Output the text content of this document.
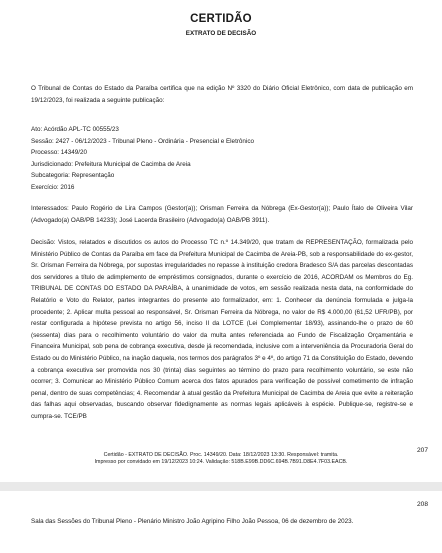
CERTIDÃO
EXTRATO DE DECISÃO

O Tribunal de Contas do Estado da Paraíba certifica que na edição Nº 3320 do Diário Oficial Eletrônico, com data de publicação em 19/12/2023, foi realizada a seguinte publicação:

Ato: Acórdão APL-TC 00555/23

Sessão: 2427 - 06/12/2023 - Tribunal Pleno - Ordinária - Presencial e Eletrônico

Processo: 14349/20

Jurisdicionado: Prefeitura Municipal de Cacimba de Areia

Subcategoria: Representação

Exercício: 2016

Interessados: Paulo Rogério de Lira Campos (Gestor(a)); Orisman Ferreira da Nóbrega (Ex-Gestor(a)); Paulo Ítalo de Oliveira Vilar (Advogado(a) OAB/PB 14233); José Lacerda Brasileiro (Advogado(a) OAB/PB 3911).

Decisão: Vistos, relatados e discutidos os autos do Processo TC n.º 14.349/20, que tratam de REPRESENTAÇÃO, formalizada pelo Ministério Público de Contas da Paraíba em face da Prefeitura Municipal de Cacimba de Areia-PB, sob a responsabilidade do ex-gestor, Sr. Orisman Ferreira da Nóbrega, por supostas irregularidades no repasse à instituição credora Bradesco S/A das parcelas descontadas dos servidores a título de adimplemento de empréstimos consignados, durante o exercício de 2016, ACORDAM os Membros do Eg. TRIBUNAL DE CONTAS DO ESTADO DA PARAÍBA, à unanimidade de votos, em sessão realizada nesta data, na conformidade do Relatório e Voto do Relator, partes integrantes do presente ato formalizador, em: 1. Conhecer da denúncia formulada e julga-la procedente; 2. Aplicar multa pessoal ao responsável, Sr. Orisman Ferreira da Nóbrega, no valor de R$ 4.000,00 (61,52 UFR/PB), por restar configurada a hipótese prevista no artigo 56, inciso II da LOTCE (Lei Complementar 18/93), assinando-lhe o prazo de 60 (sessenta) dias para o recolhimento voluntário do valor da multa antes referenciada ao Fundo de Fiscalização Orçamentária e Financeira Municipal, sob pena de cobrança executiva, desde já recomendada, inclusive com a interveniência da Procuradoria Geral do Estado ou do Ministério Público, na inação daquela, nos termos dos parágrafos 3º e 4º, do artigo 71 da Constituição do Estado, devendo a cobrança executiva ser promovida nos 30 (trinta) dias seguintes ao término do prazo para recolhimento voluntário, se este não ocorrer; 3. Comunicar ao Ministério Público Comum acerca dos fatos apurados para verificação de possível cometimento de infração penal, dentro de suas competências; 4. Recomendar à atual gestão da Prefeitura Municipal de Cacimba de Areia que evite a reiteração das falhas aqui observadas, buscando observar fidedignamente as normas legais aplicáveis à espécie. Publique-se, registre-se e cumpra-se. TCE/PB

207
Certidão - EXTRATO DE DECISÃO. Proc. 14349/20. Data: 18/12/2023 13:30. Responsável: tramita.
Impresso por convidado em 19/12/2023 10:24. Validação: 518B.E99B.DD6C.694B.7B91.D8E4.7F03.EACB.
208
Sala das Sessões do Tribunal Pleno - Plenário Ministro João Agripino Filho João Pessoa, 06 de dezembro de 2023.
